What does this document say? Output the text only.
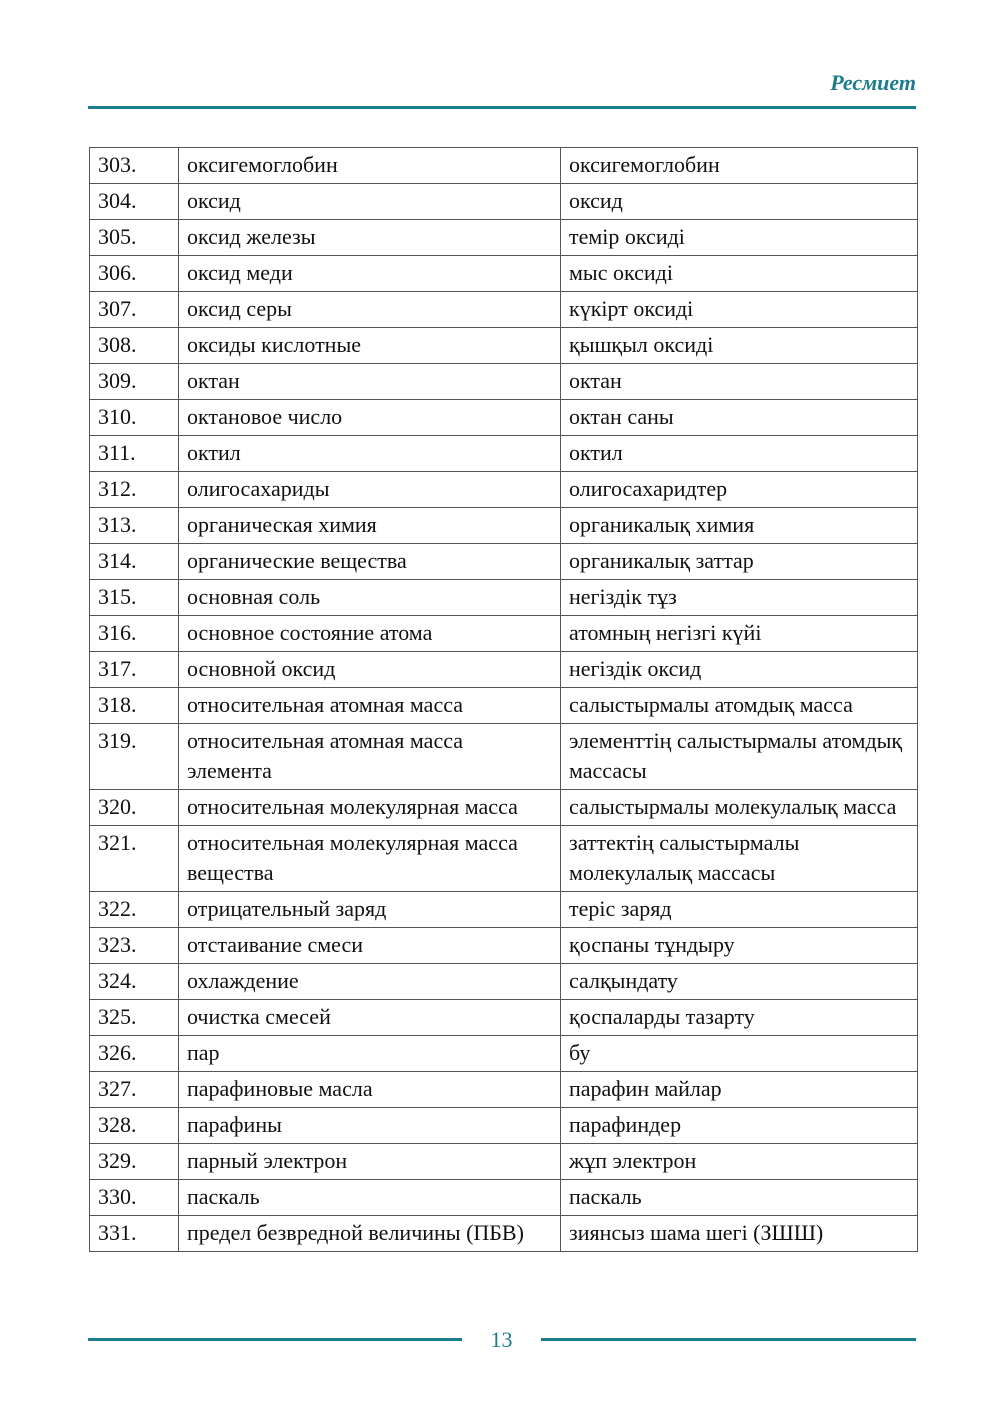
Ресмиет
303.	оксигемоглобин	оксигемоглобин
304.	оксид	оксид
305.	оксид железы	темір оксиді
306.	оксид меди	мыс оксиді
307.	оксид серы	күкірт оксиді
308.	оксиды кислотные	қышқыл оксиді
309.	октан	октан
310.	октановое число	октан саны
311.	октил	октил
312.	олигосахариды	олигосахаридтер
313.	органическая химия	органикалық химия
314.	органические вещества	органикалық заттар
315.	основная соль	негіздік тұз
316.	основное состояние атома	атомның негізгі күйі
317.	основной оксид	негіздік оксид
318.	относительная атомная масса	салыстырмалы атомдық масса
319.	относительная атомная масса элемента	элементтің салыстырмалы атомдық массасы
320.	относительная молекулярная масса	салыстырмалы молекулалық масса
321.	относительная молекулярная масса вещества	заттектің салыстырмалы молекулалық массасы
322.	отрицательный заряд	теріс заряд
323.	отстаивание смеси	қоспаны тұндыру
324.	охлаждение	салқындату
325.	очистка смесей	қоспаларды тазарту
326.	пар	бу
327.	парафиновые масла	парафин майлар
328.	парафины	парафиндер
329.	парный электрон	жұп электрон
330.	паскаль	паскаль
331.	предел безвредной величины (ПБВ)	зиянсыз шама шегі (ЗШШ)
13
